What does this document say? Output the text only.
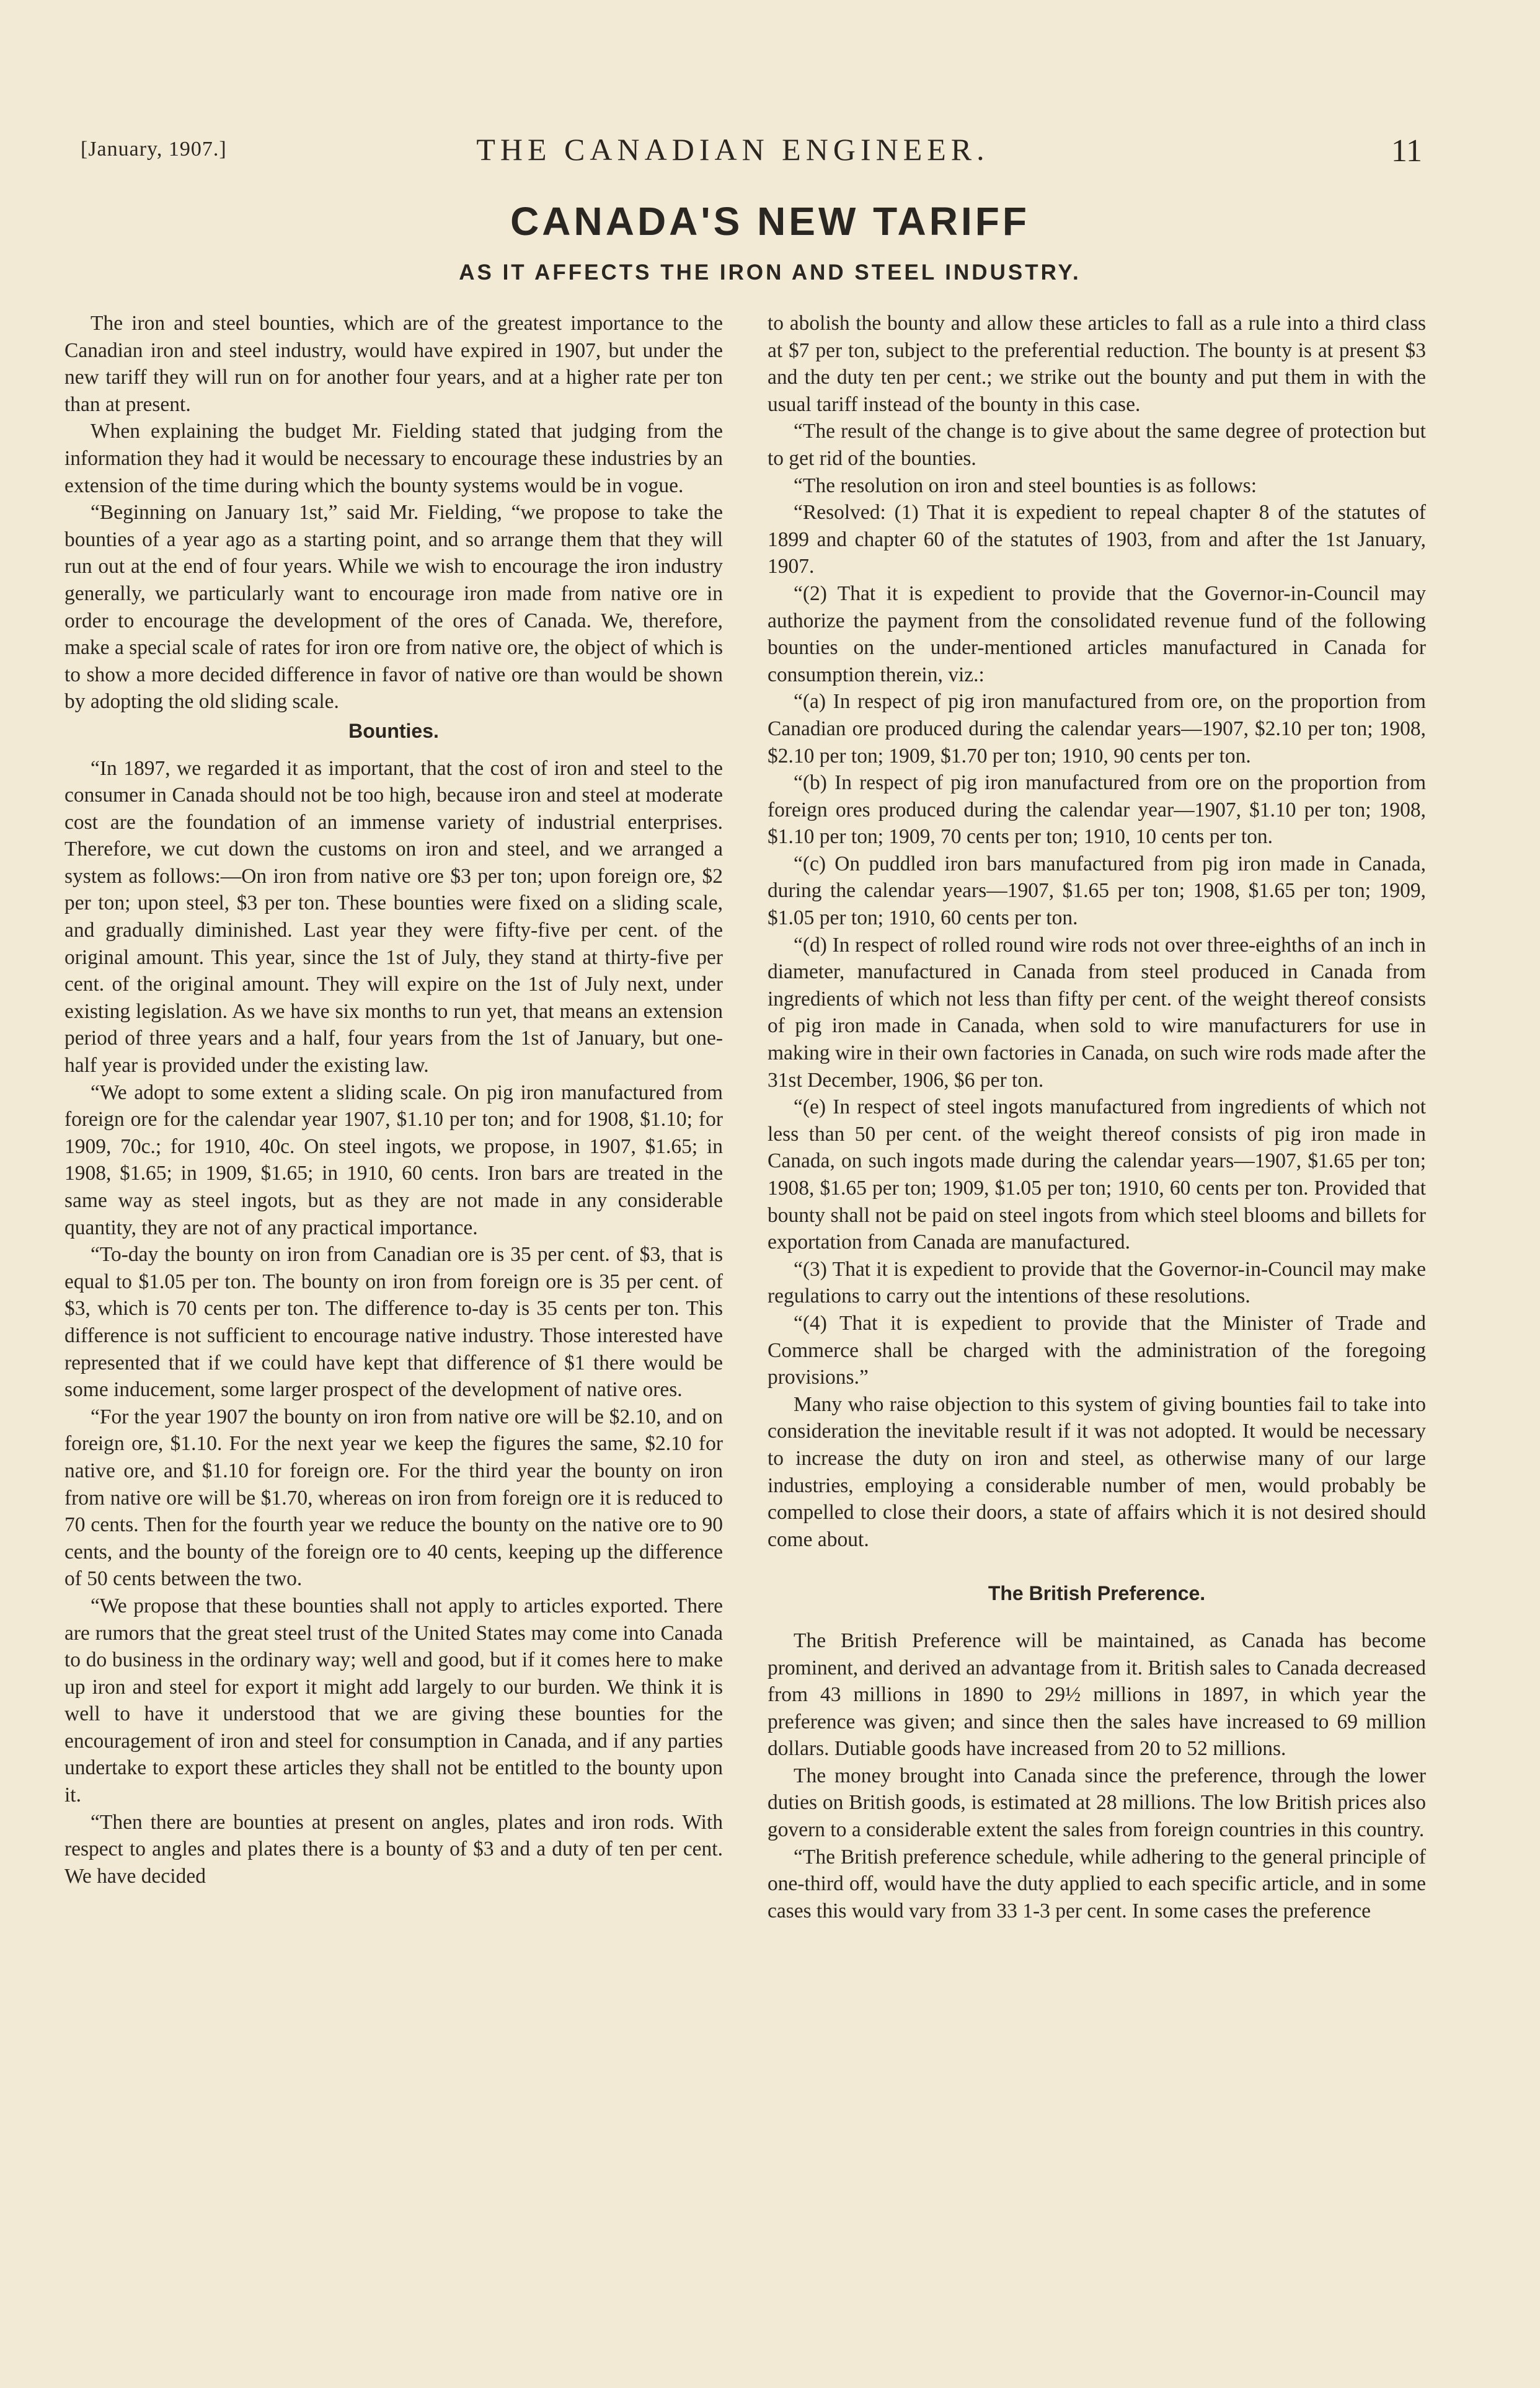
[January, 1907.]	THE CANADIAN ENGINEER.	11
CANADA'S NEW TARIFF
AS IT AFFECTS THE IRON AND STEEL INDUSTRY.

The iron and steel bounties, which are of the greatest importance to the Canadian iron and steel industry, would have expired in 1907, but under the new tariff they will run on for another four years, and at a higher rate per ton than at present.

When explaining the budget Mr. Fielding stated that judging from the information they had it would be necessary to encourage these industries by an extension of the time during which the bounty systems would be in vogue.

“Beginning on January 1st,” said Mr. Fielding, “we propose to take the bounties of a year ago as a starting point, and so arrange them that they will run out at the end of four years. While we wish to encourage the iron industry generally, we particularly want to encourage iron made from native ore in order to encourage the development of the ores of Canada. We, therefore, make a special scale of rates for iron ore from native ore, the object of which is to show a more decided difference in favor of native ore than would be shown by adopting the old sliding scale.

Bounties.

“In 1897, we regarded it as important, that the cost of iron and steel to the consumer in Canada should not be too high, because iron and steel at moderate cost are the foundation of an immense variety of industrial enterprises. Therefore, we cut down the customs on iron and steel, and we arranged a system as follows:—On iron from native ore $3 per ton; upon foreign ore, $2 per ton; upon steel, $3 per ton. These bounties were fixed on a sliding scale, and gradually diminished. Last year they were fifty-five per cent. of the original amount. This year, since the 1st of July, they stand at thirty-five per cent. of the original amount. They will expire on the 1st of July next, under existing legislation. As we have six months to run yet, that means an extension period of three years and a half, four years from the 1st of January, but one-half year is provided under the existing law.

“We adopt to some extent a sliding scale. On pig iron manufactured from foreign ore for the calendar year 1907, $1.10 per ton; and for 1908, $1.10; for 1909, 70c.; for 1910, 40c. On steel ingots, we propose, in 1907, $1.65; in 1908, $1.65; in 1909, $1.65; in 1910, 60 cents. Iron bars are treated in the same way as steel ingots, but as they are not made in any considerable quantity, they are not of any practical importance.

“To-day the bounty on iron from Canadian ore is 35 per cent. of $3, that is equal to $1.05 per ton. The bounty on iron from foreign ore is 35 per cent. of $3, which is 70 cents per ton. The difference to-day is 35 cents per ton. This difference is not sufficient to encourage native industry. Those interested have represented that if we could have kept that difference of $1 there would be some inducement, some larger prospect of the development of native ores.

“For the year 1907 the bounty on iron from native ore will be $2.10, and on foreign ore, $1.10. For the next year we keep the figures the same, $2.10 for native ore, and $1.10 for foreign ore. For the third year the bounty on iron from native ore will be $1.70, whereas on iron from foreign ore it is reduced to 70 cents. Then for the fourth year we reduce the bounty on the native ore to 90 cents, and the bounty of the foreign ore to 40 cents, keeping up the difference of 50 cents between the two.

“We propose that these bounties shall not apply to articles exported. There are rumors that the great steel trust of the United States may come into Canada to do business in the ordinary way; well and good, but if it comes here to make up iron and steel for export it might add largely to our burden. We think it is well to have it understood that we are giving these bounties for the encouragement of iron and steel for consumption in Canada, and if any parties undertake to export these articles they shall not be entitled to the bounty upon it.

“Then there are bounties at present on angles, plates and iron rods. With respect to angles and plates there is a bounty of $3 and a duty of ten per cent. We have decided

to abolish the bounty and allow these articles to fall as a rule into a third class at $7 per ton, subject to the preferential reduction. The bounty is at present $3 and the duty ten per cent.; we strike out the bounty and put them in with the usual tariff instead of the bounty in this case.

“The result of the change is to give about the same degree of protection but to get rid of the bounties.

“The resolution on iron and steel bounties is as follows:

“Resolved: (1) That it is expedient to repeal chapter 8 of the statutes of 1899 and chapter 60 of the statutes of 1903, from and after the 1st January, 1907.

“(2) That it is expedient to provide that the Governor-in-Council may authorize the payment from the consolidated revenue fund of the following bounties on the under-mentioned articles manufactured in Canada for consumption therein, viz.:

“(a) In respect of pig iron manufactured from ore, on the proportion from Canadian ore produced during the calendar years—1907, $2.10 per ton; 1908, $2.10 per ton; 1909, $1.70 per ton; 1910, 90 cents per ton.

“(b) In respect of pig iron manufactured from ore on the proportion from foreign ores produced during the calendar year—1907, $1.10 per ton; 1908, $1.10 per ton; 1909, 70 cents per ton; 1910, 10 cents per ton.

“(c) On puddled iron bars manufactured from pig iron made in Canada, during the calendar years—1907, $1.65 per ton; 1908, $1.65 per ton; 1909, $1.05 per ton; 1910, 60 cents per ton.

“(d) In respect of rolled round wire rods not over three-eighths of an inch in diameter, manufactured in Canada from steel produced in Canada from ingredients of which not less than fifty per cent. of the weight thereof consists of pig iron made in Canada, when sold to wire manufacturers for use in making wire in their own factories in Canada, on such wire rods made after the 31st December, 1906, $6 per ton.

“(e) In respect of steel ingots manufactured from ingredients of which not less than 50 per cent. of the weight thereof consists of pig iron made in Canada, on such ingots made during the calendar years—1907, $1.65 per ton; 1908, $1.65 per ton; 1909, $1.05 per ton; 1910, 60 cents per ton. Provided that bounty shall not be paid on steel ingots from which steel blooms and billets for exportation from Canada are manufactured.

“(3) That it is expedient to provide that the Governor-in-Council may make regulations to carry out the intentions of these resolutions.

“(4) That it is expedient to provide that the Minister of Trade and Commerce shall be charged with the administration of the foregoing provisions.”

Many who raise objection to this system of giving bounties fail to take into consideration the inevitable result if it was not adopted. It would be necessary to increase the duty on iron and steel, as otherwise many of our large industries, employing a considerable number of men, would probably be compelled to close their doors, a state of affairs which it is not desired should come about.

The British Preference.

The British Preference will be maintained, as Canada has become prominent, and derived an advantage from it. British sales to Canada decreased from 43 millions in 1890 to 29½ millions in 1897, in which year the preference was given; and since then the sales have increased to 69 million dollars. Dutiable goods have increased from 20 to 52 millions.

The money brought into Canada since the preference, through the lower duties on British goods, is estimated at 28 millions. The low British prices also govern to a considerable extent the sales from foreign countries in this country.

“The British preference schedule, while adhering to the general principle of one-third off, would have the duty applied to each specific article, and in some cases this would vary from 33 1-3 per cent. In some cases the preference
